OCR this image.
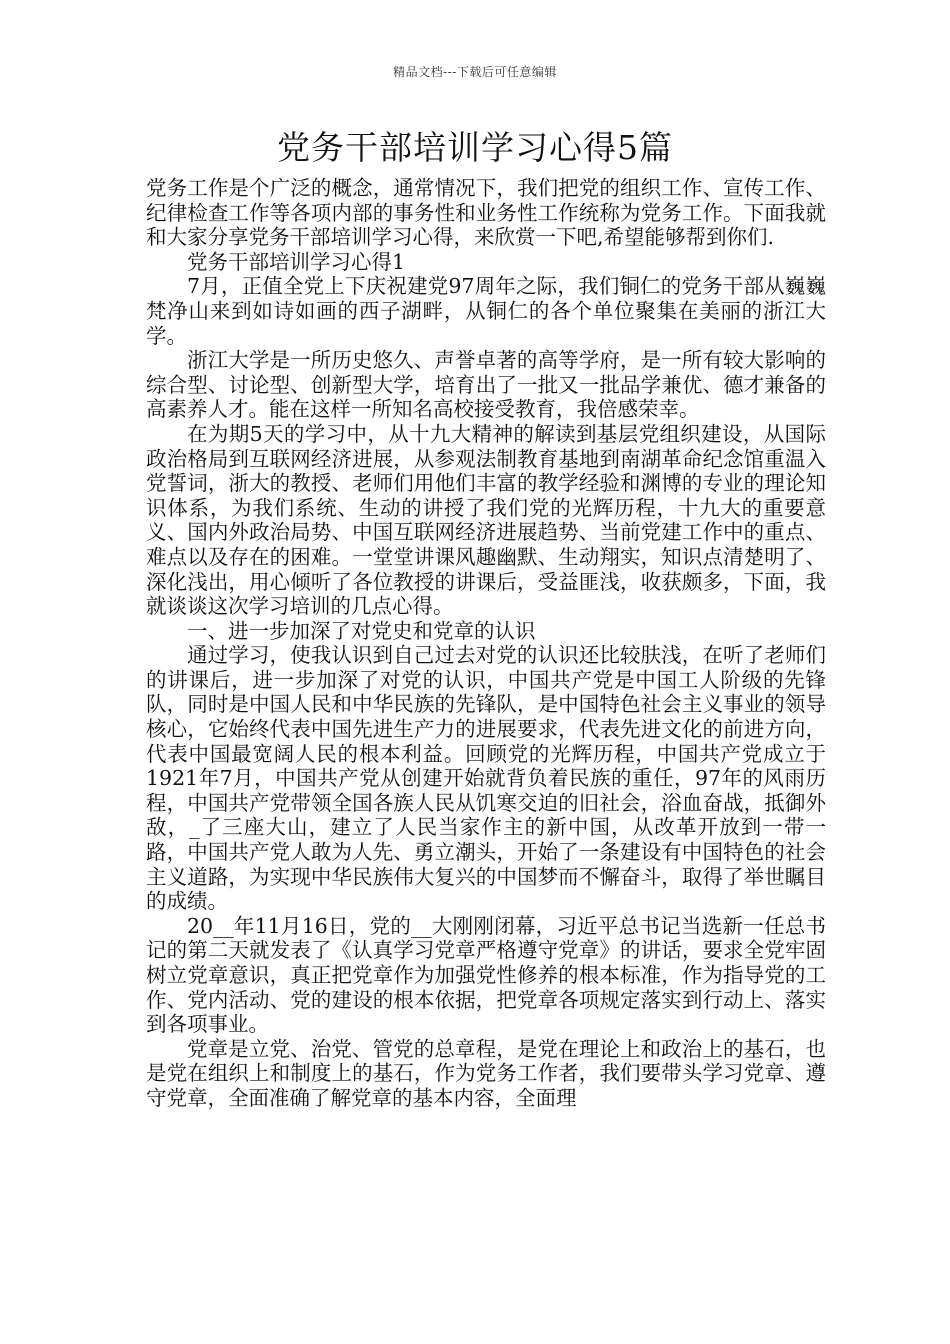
精品文档---下载后可任意编辑
党务干部培训学习心得5篇

党务工作是个广泛的概念，通常情况下，我们把党的组织工作、宣传工作、纪律检查工作等各项内部的事务性和业务性工作统称为党务工作。下面我就和大家分享党务干部培训学习心得，来欣赏一下吧,希望能够帮到你们.

党务干部培训学习心得1

7月，正值全党上下庆祝建党97周年之际，我们铜仁的党务干部从巍巍梵净山来到如诗如画的西子湖畔，从铜仁的各个单位聚集在美丽的浙江大学。

浙江大学是一所历史悠久、声誉卓著的高等学府，是一所有较大影响的综合型、讨论型、创新型大学，培育出了一批又一批品学兼优、德才兼备的高素养人才。能在这样一所知名高校接受教育，我倍感荣幸。

在为期5天的学习中，从十九大精神的解读到基层党组织建设，从国际政治格局到互联网经济进展，从参观法制教育基地到南湖革命纪念馆重温入党誓词，浙大的教授、老师们用他们丰富的教学经验和渊博的专业的理论知识体系，为我们系统、生动的讲授了我们党的光辉历程，十九大的重要意义、国内外政治局势、中国互联网经济进展趋势、当前党建工作中的重点、难点以及存在的困难。一堂堂讲课风趣幽默、生动翔实，知识点清楚明了、深化浅出，用心倾听了各位教授的讲课后，受益匪浅，收获颇多，下面，我就谈谈这次学习培训的几点心得。

一、进一步加深了对党史和党章的认识

通过学习，使我认识到自己过去对党的认识还比较肤浅，在听了老师们的讲课后，进一步加深了对党的认识，中国共产党是中国工人阶级的先锋队，同时是中国人民和中华民族的先锋队，是中国特色社会主义事业的领导核心，它始终代表中国先进生产力的进展要求，代表先进文化的前进方向，代表中国最宽阔人民的根本利益。回顾党的光辉历程，中国共产党成立于1921年7月，中国共产党从创建开始就背负着民族的重任，97年的风雨历程，中国共产党带领全国各族人民从饥寒交迫的旧社会，浴血奋战，抵御外敌，_了三座大山，建立了人民当家作主的新中国，从改革开放到一带一路，中国共产党人敢为人先、勇立潮头，开始了一条建设有中国特色的社会主义道路，为实现中华民族伟大复兴的中国梦而不懈奋斗，取得了举世瞩目的成绩。

20__年11月16日，党的__大刚刚闭幕，习近平总书记当选新一任总书记的第二天就发表了《认真学习党章严格遵守党章》的讲话，要求全党牢固树立党章意识，真正把党章作为加强党性修养的根本标准，作为指导党的工作、党内活动、党的建设的根本依据，把党章各项规定落实到行动上、落实到各项事业。

党章是立党、治党、管党的总章程，是党在理论上和政治上的基石，也是党在组织上和制度上的基石，作为党务工作者，我们要带头学习党章、遵守党章，全面准确了解党章的基本内容，全面理
